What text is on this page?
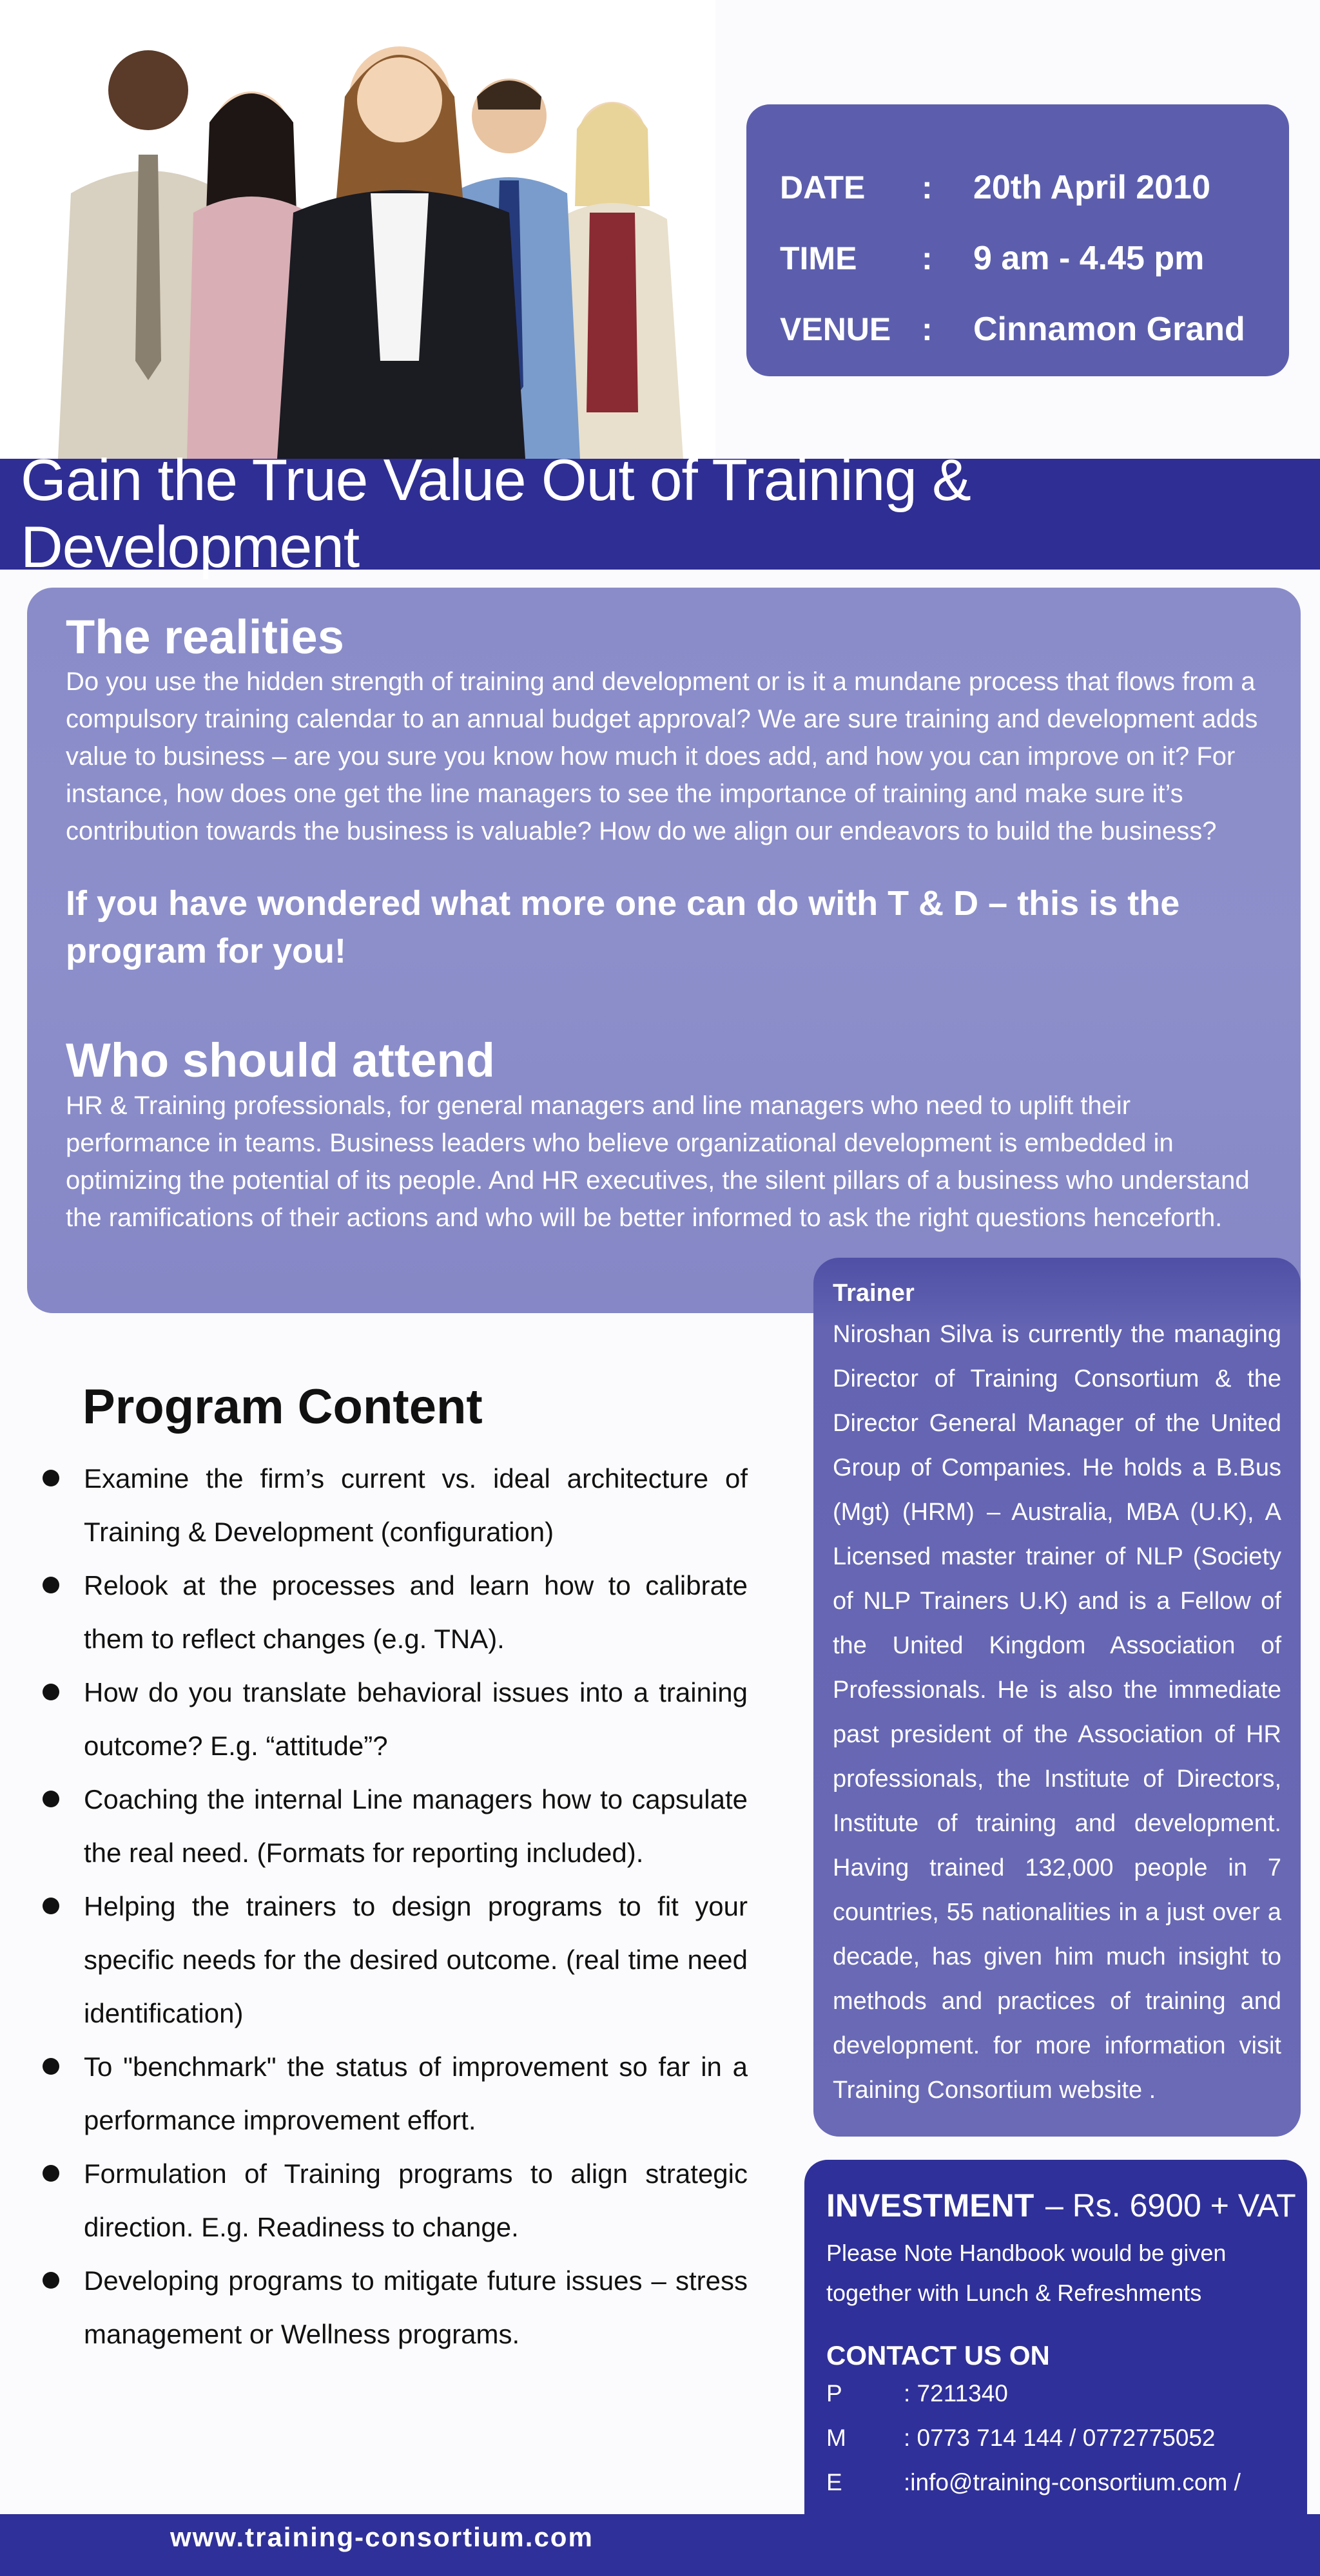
DATE	:	20th April 2010
TIME	:	9 am - 4.45 pm
VENUE :	Cinnamon Grand
Gain the True Value Out of Training & Development
The realities

Do you use the hidden strength of training and development or is it a mundane process that flows from a compulsory training calendar to an annual budget approval? We are sure training and development adds value to business – are you sure you know how much it does add, and how you can improve on it? For instance, how does one get the line managers to see the importance of training and make sure it’s contribution towards the business is valuable? How do we align our endeavors to build the business?

If you have wondered what more one can do with T & D – this is the program for you!

Who should attend

HR & Training professionals, for general managers and line managers who need to uplift their performance in teams. Business leaders who believe organizational development is embedded in optimizing the potential of its people. And HR executives, the silent pillars of a business who understand the ramifications of their actions and who will be better informed to ask the right questions henceforth.

Program Content
Examine the firm’s current vs. ideal architecture of Training & Development (configuration)
Relook at the processes and learn how to calibrate them to reflect changes (e.g. TNA).
How do you translate behavioral issues into a training outcome? E.g. “attitude”?
Coaching the internal Line managers how to capsulate the real need. (Formats for reporting included).
Helping the trainers to design programs to fit your specific needs for the desired outcome. (real time need identification)
To "benchmark" the status of improvement so far in a performance improvement effort.
Formulation of Training programs to align strategic direction. E.g. Readiness to change.
Developing programs to mitigate future issues – stress management or Wellness programs.
Trainer

Niroshan Silva is currently the managing Director of Training Consortium & the Director General Manager of the United Group of Companies. He holds a B.Bus (Mgt) (HRM) – Australia, MBA (U.K), A Licensed master trainer of NLP (Society of NLP Trainers U.K) and is a Fellow of the United Kingdom Association of Professionals. He is also the immediate past president of the Association of HR professionals, the Institute of Directors, Institute of training and development. Having trained 132,000 people in 7 countries, 55 nationalities in a just over a decade, has given him much insight to methods and practices of training and development. for more information visit Training Consortium website .

INVESTMENT – Rs. 6900 + VAT
Please Note Handbook would be given together with Lunch & Refreshments
CONTACT US ON
P	: 7211340
M	: 0773 714 144 / 0772775052
E	:info@training-consortium.com /
www.training-consortium.com
